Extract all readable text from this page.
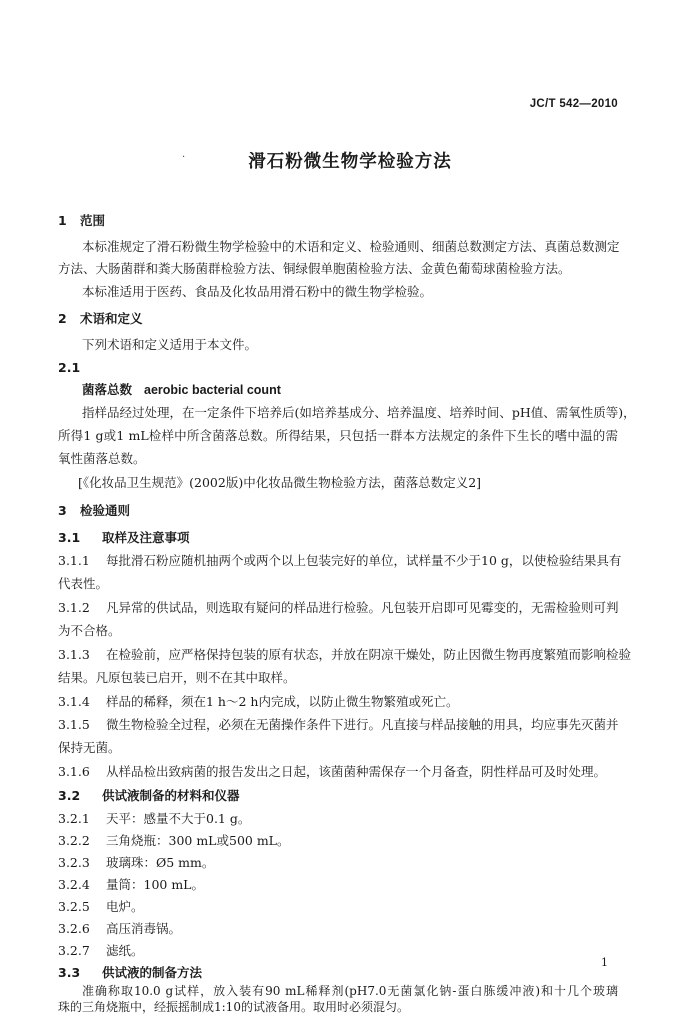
JC/T 542—2010
·	滑石粉微生物学检验方法
1 范围
本标准规定了滑石粉微生物学检验中的术语和定义、检验通则、细菌总数测定方法、真菌总数测定
方法、大肠菌群和粪大肠菌群检验方法、铜绿假单胞菌检验方法、金黄色葡萄球菌检验方法。
本标准适用于医药、食品及化妆品用滑石粉中的微生物学检验。
2 术语和定义
下列术语和定义适用于本文件。
2.1
菌落总数 aerobic bacterial count
指样品经过处理，在一定条件下培养后(如培养基成分、培养温度、培养时间、pH值、需氧性质等)，
所得1 g或1 mL检样中所含菌落总数。所得结果，只包括一群本方法规定的条件下生长的嗜中温的需
氧性菌落总数。
[《化妆品卫生规范》(2002版)中化妆品微生物检验方法，菌落总数定义2]
3 检验通则
3.1 取样及注意事项
3.1.1 每批滑石粉应随机抽两个或两个以上包装完好的单位，试样量不少于10 g，以使检验结果具有
代表性。
3.1.2 凡异常的供试品，则选取有疑问的样品进行检验。凡包装开启即可见霉变的，无需检验则可判
为不合格。
3.1.3 在检验前，应严格保持包装的原有状态，并放在阴凉干燥处，防止因微生物再度繁殖而影响检验
结果。凡原包装已启开，则不在其中取样。
3.1.4 样品的稀释，须在1 h～2 h内完成，以防止微生物繁殖或死亡。
3.1.5 微生物检验全过程，必须在无菌操作条件下进行。凡直接与样品接触的用具，均应事先灭菌并
保持无菌。
3.1.6 从样品检出致病菌的报告发出之日起，该菌菌种需保存一个月备查，阴性样品可及时处理。
3.2 供试液制备的材料和仪器
3.2.1 天平：感量不大于0.1 g。
3.2.2 三角烧瓶：300 mL或500 mL。
3.2.3 玻璃珠：Ø5 mm。
3.2.4 量筒：100 mL。
3.2.5 电炉。
3.2.6 高压消毒锅。
3.2.7 滤纸。
3.3 供试液的制备方法
准确称取10.0 g试样，放入装有90 mL稀释剂(pH7.0无菌氯化钠-蛋白胨缓冲液)和十几个玻璃
珠的三角烧瓶中，经振摇制成1:10的试液备用。取用时必须混匀。
1
